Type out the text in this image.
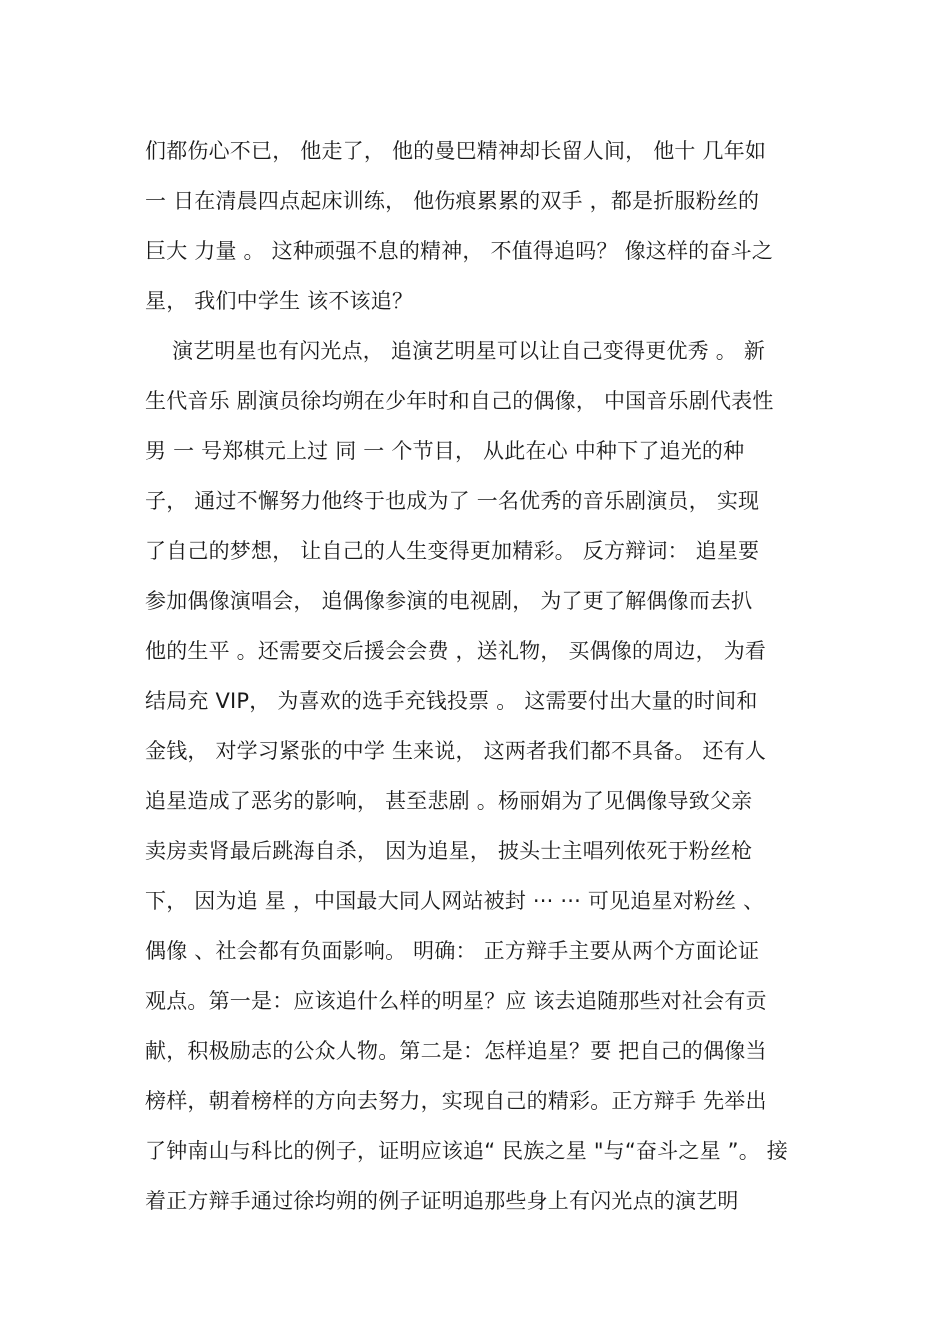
们都伤心不已， 他走了， 他的曼巴精神却长留人间， 他十 几年如
一 日在清晨四点起床训练， 他伤痕累累的双手 ，都是折服粉丝的
巨大 力量 。 这种顽强不息的精神， 不值得追吗？ 像这样的奋斗之
星， 我们中学生 该不该追？
演艺明星也有闪光点， 追演艺明星可以让自己变得更优秀 。 新
生代音乐 剧演员徐均朔在少年时和自己的偶像， 中国音乐剧代表性
男 一 号郑棋元上过 同 一 个节目， 从此在心 中种下了追光的种
子， 通过不懈努力他终于也成为了 一名优秀的音乐剧演员， 实现
了自己的梦想， 让自己的人生变得更加精彩。 反方辩词： 追星要
参加偶像演唱会， 追偶像参演的电视剧， 为了更了解偶像而去扒
他的生平 。还需要交后援会会费 ，送礼物， 买偶像的周边， 为看
结局充 VIP， 为喜欢的选手充钱投票 。 这需要付出大量的时间和
金钱， 对学习紧张的中学 生来说， 这两者我们都不具备。 还有人
追星造成了恶劣的影响， 甚至悲剧 。杨丽娟为了见偶像导致父亲
卖房卖肾最后跳海自杀， 因为追星， 披头士主唱列侬死于粉丝枪
下， 因为追 星 ，中国最大同人网站被封 ··· ··· 可见追星对粉丝 、
偶像 、社会都有负面影响。 明确： 正方辩手主要从两个方面论证
观点。第一是：应该追什么样的明星？应 该去追随那些对社会有贡
献，积极励志的公众人物。第二是：怎样追星？要 把自己的偶像当
榜样，朝着榜样的方向去努力，实现自己的精彩。正方辩手 先举出
了钟南山与科比的例子，证明应该追“ 民族之星 "与“奋斗之星 ”。 接
着正方辩手通过徐均朔的例子证明追那些身上有闪光点的演艺明
